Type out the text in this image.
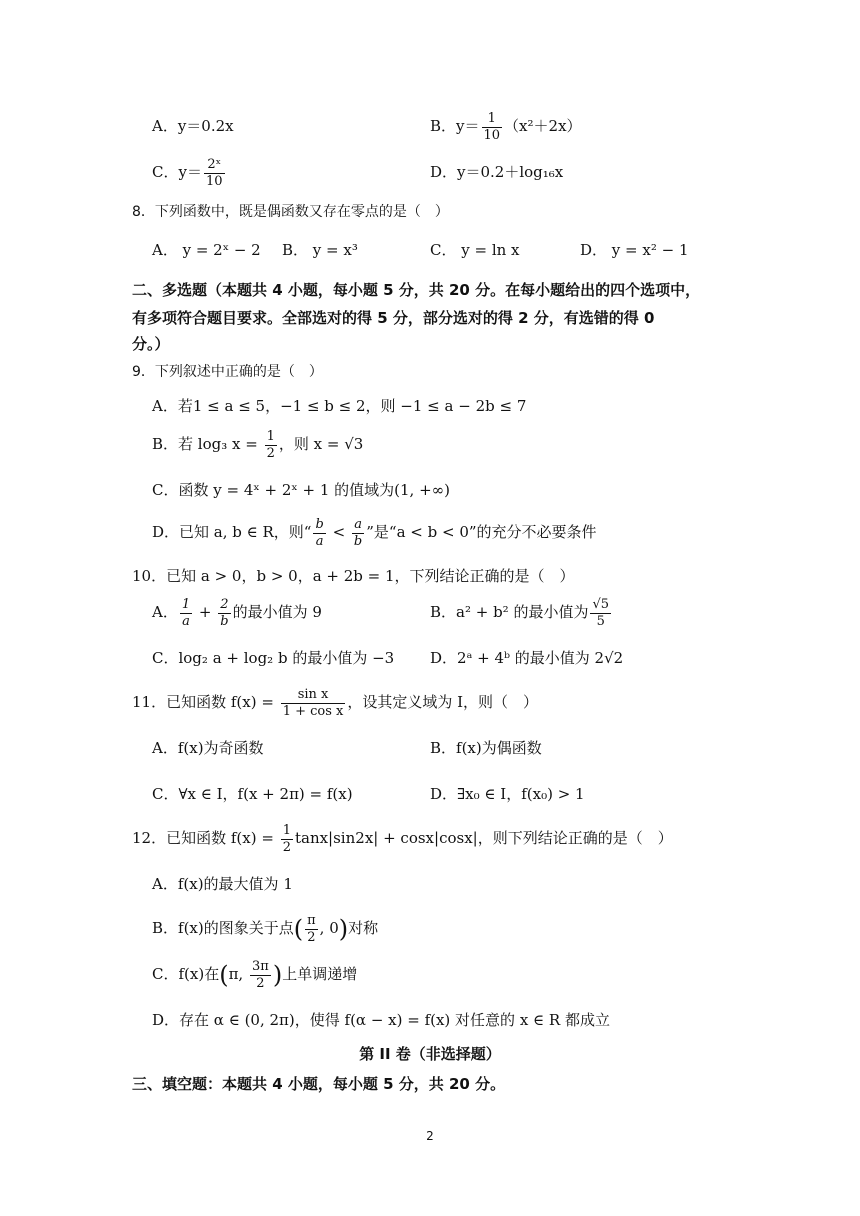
A．y＝0.2x	B．$y= \frac{1}{10} (x^2+2x)$
C．$y= \frac{\text{2ˣ}}{10}$	D．y＝0.2＋log₁₆x
8．下列函数中，既是偶函数又存在零点的是（　）
A． y = 2ˣ − 2 B． y = x³	C． y = ln x	D． y = x² − 1
二、多选题（本题共 4 小题，每小题 5 分，共 20 分。在每小题给出的四个选项中，
有多项符合题目要求。全部选对的得 5 分，部分选对的得 2 分，有选错的得 0
分。）
9．下列叙述中正确的是（　）
A．若1 ≤ a ≤ 5，−1 ≤ b ≤ 2，则 −1 ≤ a − 2b ≤ 7
B．若 log₃ $x = \frac{1}{2}$ ，则 x = √3
C．函数 y = 4ˣ + 2ˣ + 1 的值域为(1, +∞)
D．已知 a, b ∈ R，则“ $\frac{b}{a} < \frac{a}{b}$ ”是“a < b < 0”的充分不必要条件
10．已知 a > 0，b > 0，a + 2b = 1，下列结论正确的是（　）
A． $\frac{1}{a} + \frac{2}{b}$ 的最小值为 9	B．a² + b² 的最小值为 $\frac{√5}{5}$
C．log₂ a + log₂ b 的最小值为 −3 D．2ᵃ + 4ᵇ 的最小值为 2√2
11．已知函数 $f(x) = \frac{\text{sin x}}{\text{1 + cos x}}$ ，设其定义域为 I，则（　）
A．f(x)为奇函数	B．f(x)为偶函数
C．∀x ∈ I，f(x + 2π) = f(x)	D．∃x₀ ∈ I，f(x₀) > 1
12．已知函数 $f(x) = \frac{1}{2} \tan x|\sin 2x| + \cos x|\cos x|$，则下列结论正确的是（　）
A．f(x)的最大值为 1
B．f(x)的图象关于点( $\frac{\pi}{2}$ , 0)对称
C．f(x)在(π, $\frac{3\pi}{2}$ )上单调递增
D．存在 α ∈ (0, 2π)，使得 f(α − x) = f(x) 对任意的 x ∈ R 都成立
第 II 卷（非选择题）
三、填空题：本题共 4 小题，每小题 5 分，共 20 分。
2
